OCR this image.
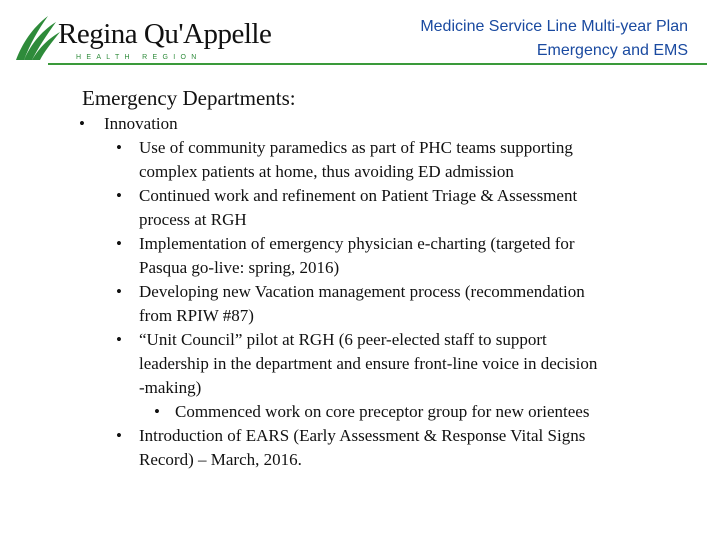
Regina Qu'Appelle
HEALTH REGION
Medicine Service Line Multi-year Plan
Emergency and EMS
Emergency Departments:
• Innovation
• Use of community paramedics as part of PHC teams supporting
complex patients at home, thus avoiding ED admission
• Continued work and refinement on Patient Triage & Assessment
process at RGH
• Implementation of emergency physician e-charting (targeted for
Pasqua go-live: spring, 2016)
• Developing new Vacation management process (recommendation
from RPIW #87)
• “Unit Council” pilot at RGH (6 peer-elected staff to support
leadership in the department and ensure front-line voice in decision
-making)
• Commenced work on core preceptor group for new orientees
• Introduction of EARS (Early Assessment & Response Vital Signs
Record) – March, 2016.
